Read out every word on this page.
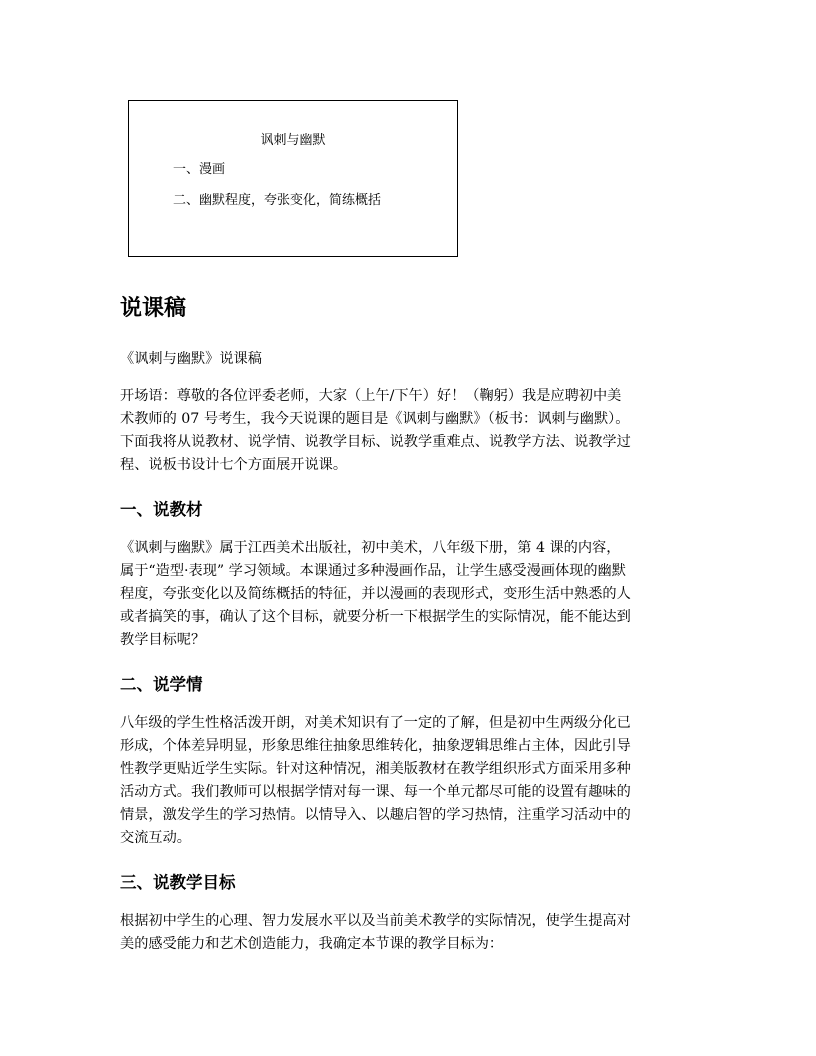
讽刺与幽默
一、漫画
二、幽默程度，夸张变化，简练概括
说课稿
《讽刺与幽默》说课稿
开场语：尊敬的各位评委老师，大家（上午/下午）好！（鞠躬）我是应聘初中美
术教师的 07 号考生，我今天说课的题目是《讽刺与幽默》（板书：讽刺与幽默）。
下面我将从说教材、说学情、说教学目标、说教学重难点、说教学方法、说教学过
程、说板书设计七个方面展开说课。
一、说教材
《讽刺与幽默》属于江西美术出版社，初中美术，八年级下册，第 4 课的内容，
属于“造型·表现” 学习领域。本课通过多种漫画作品，让学生感受漫画体现的幽默
程度，夸张变化以及简练概括的特征，并以漫画的表现形式，变形生活中熟悉的人
或者搞笑的事，确认了这个目标，就要分析一下根据学生的实际情况，能不能达到
教学目标呢？
二、说学情
八年级的学生性格活泼开朗，对美术知识有了一定的了解，但是初中生两级分化已
形成，个体差异明显，形象思维往抽象思维转化，抽象逻辑思维占主体，因此引导
性教学更贴近学生实际。针对这种情况，湘美版教材在教学组织形式方面采用多种
活动方式。我们教师可以根据学情对每一课、每一个单元都尽可能的设置有趣味的
情景，激发学生的学习热情。以情导入、以趣启智的学习热情，注重学习活动中的
交流互动。
三、说教学目标
根据初中学生的心理、智力发展水平以及当前美术教学的实际情况，使学生提高对
美的感受能力和艺术创造能力，我确定本节课的教学目标为：
